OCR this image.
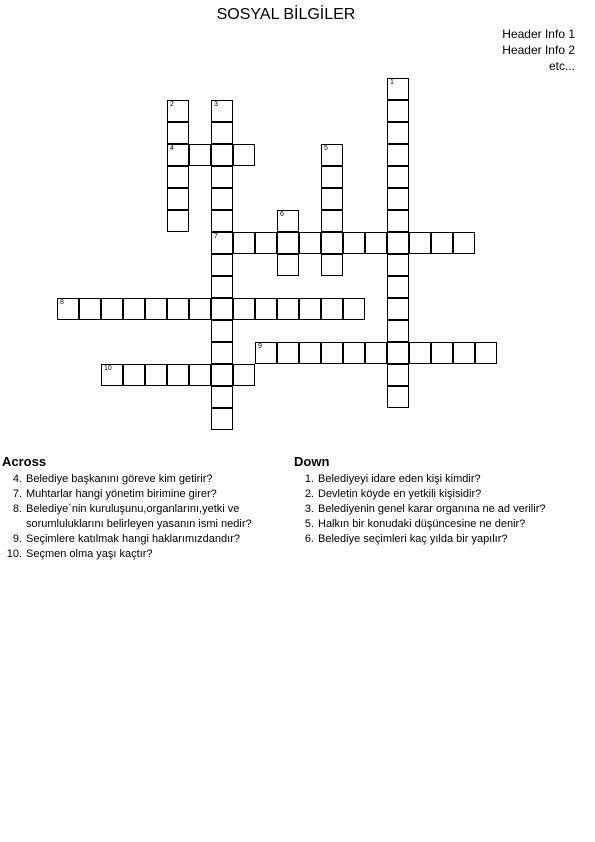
SOSYAL BİLGİLER
Header Info 1
Header Info 2
etc...
1
2
4
3
7
5
6
8
9
10
Across
4. Belediye başkanını göreve kim getirir?
7. Muhtarlar hangi yönetim birimine girer?
8. Belediye´nin kuruluşunu,organlarını,yetki ve
sorumluluklarını belirleyen yasanın ismi nedir?
9. Seçimlere katılmak hangi haklarımızdandır?
10. Seçmen olma yaşı kaçtır?
Down
1. Belediyeyi idare eden kişi kimdir?
2. Devletin köyde en yetkili kişisidir?
3. Belediyenin genel karar organına ne ad verilir?
5. Halkın bir konudaki düşüncesine ne denir?
6. Belediye seçimleri kaç yılda bir yapılır?
